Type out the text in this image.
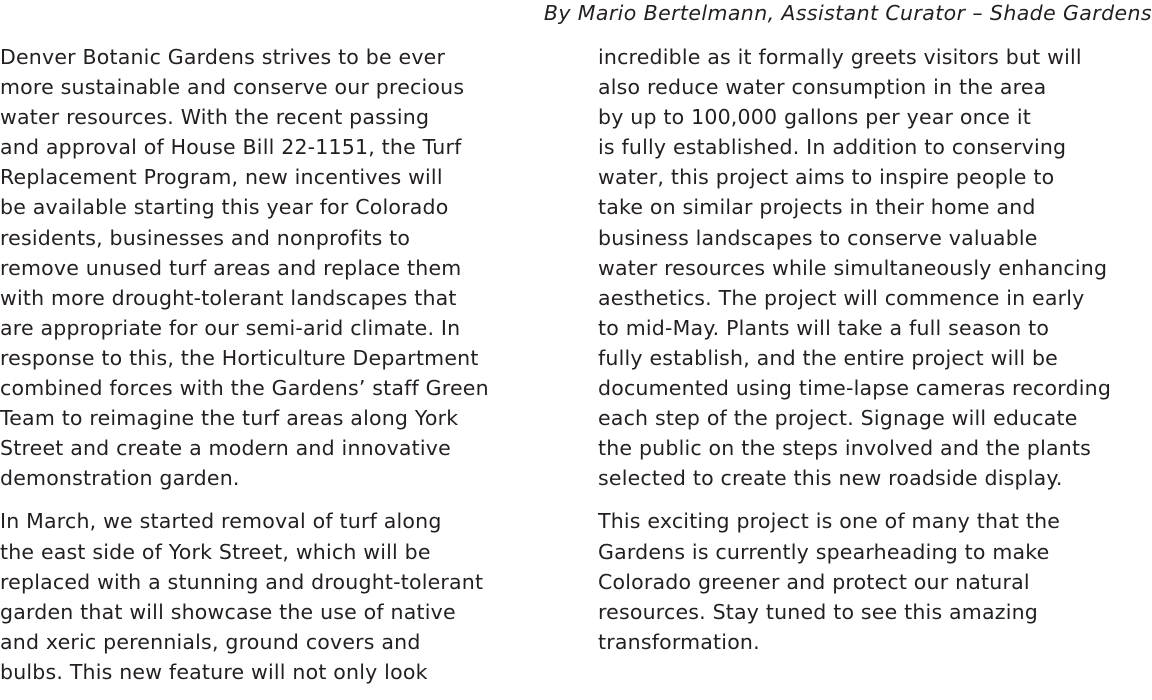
By Mario Bertelmann, Assistant Curator – Shade Gardens

Denver Botanic Gardens strives to be ever
more sustainable and conserve our precious
water resources. With the recent passing
and approval of House Bill 22-1151, the Turf
Replacement Program, new incentives will
be available starting this year for Colorado
residents, businesses and nonprofits to
remove unused turf areas and replace them
with more drought-tolerant landscapes that
are appropriate for our semi-arid climate. In
response to this, the Horticulture Department
combined forces with the Gardens’ staff Green
Team to reimagine the turf areas along York
Street and create a modern and innovative
demonstration garden.

In March, we started removal of turf along
the east side of York Street, which will be
replaced with a stunning and drought-tolerant
garden that will showcase the use of native
and xeric perennials, ground covers and
bulbs. This new feature will not only look

incredible as it formally greets visitors but will
also reduce water consumption in the area
by up to 100,000 gallons per year once it
is fully established. In addition to conserving
water, this project aims to inspire people to
take on similar projects in their home and
business landscapes to conserve valuable
water resources while simultaneously enhancing
aesthetics. The project will commence in early
to mid-May. Plants will take a full season to
fully establish, and the entire project will be
documented using time-lapse cameras recording
each step of the project. Signage will educate
the public on the steps involved and the plants
selected to create this new roadside display.

This exciting project is one of many that the
Gardens is currently spearheading to make
Colorado greener and protect our natural
resources. Stay tuned to see this amazing
transformation.
